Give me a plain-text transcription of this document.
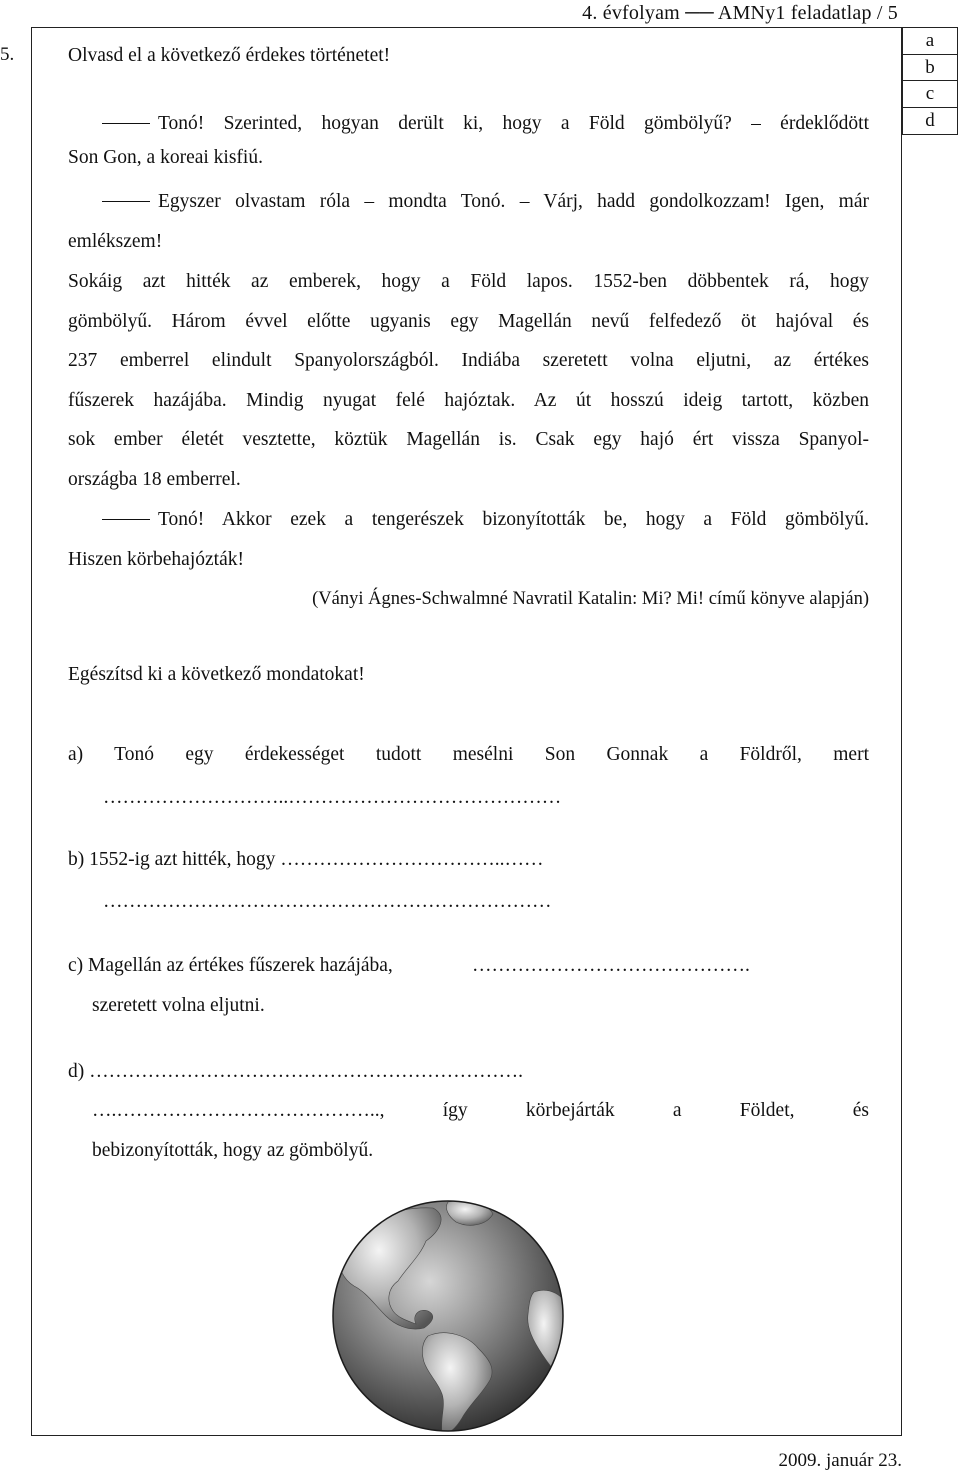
4. évfolyam ── AMNy1 feladatlap / 5
a
b
c
d
5.	Olvasd el a következő érdekes történetet!
Tonó! Szerinted, hogyan derült ki, hogy a Föld gömbölyű? – érdeklődött
Son Gon, a koreai kisfiú.
Egyszer olvastam róla – mondta Tonó. – Várj, hadd gondolkozzam! Igen, már
emlékszem!
Sokáig azt hitték az emberek, hogy a Föld lapos. 1552-ben döbbentek rá, hogy
gömbölyű. Három évvel előtte ugyanis egy Magellán nevű felfedező öt hajóval és
237 emberrel elindult Spanyolországból. Indiába szeretett volna eljutni, az értékes
fűszerek hazájába. Mindig nyugat felé hajóztak. Az út hosszú ideig tartott, közben
sok ember életét vesztette, köztük Magellán is. Csak egy hajó ért vissza Spanyol-
országba 18 emberrel.
Tonó! Akkor ezek a tengerészek bizonyították be, hogy a Föld gömbölyű.
Hiszen körbehajózták!
(Ványi Ágnes-Schwalmné Navratil Katalin: Mi? Mi! című könyve alapján)
Egészítsd ki a következő mondatokat!
a) Tonó egy érdekességet tudott mesélni Son Gonnak a Földről, mert
………………………..……………………………………
b) 1552-ig azt hitték, hogy ……………………………..……
……………………………………………………………
c) Magellán az értékes fűszerek hazájába,	…………………………………….
szeretett volna eljutni.
d) ………………………………………………………….
….………………………………….., így körbejárták a Földet, és
bebizonyították, hogy az gömbölyű.
2009. január 23.
